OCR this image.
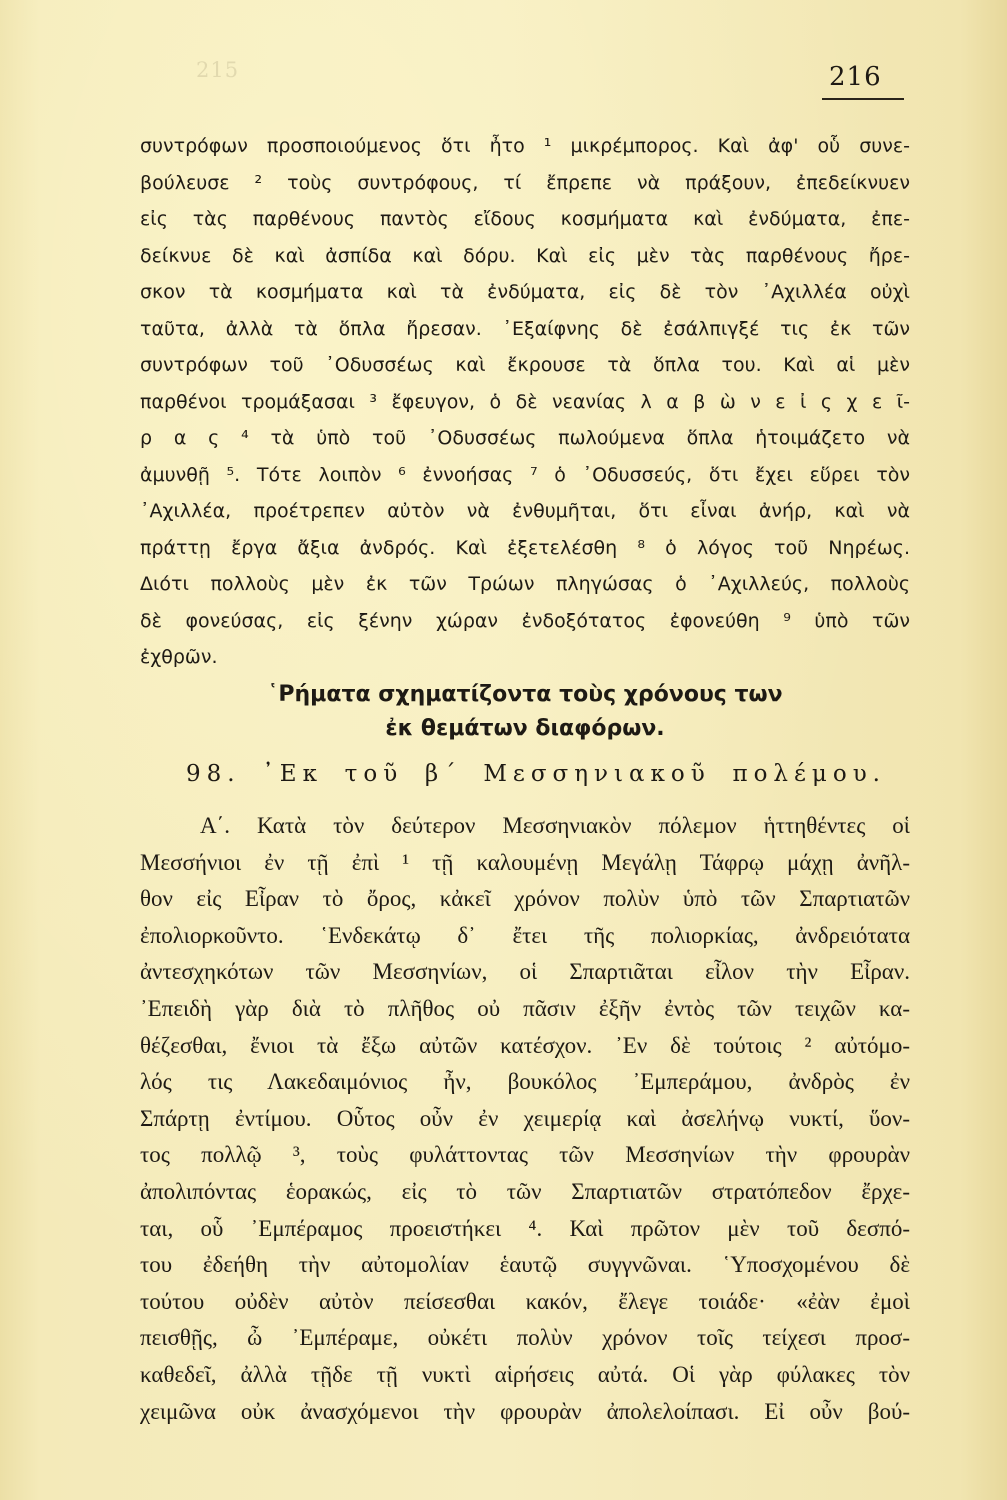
215	216
συντρόφων προσποιούμενος ὅτι ἦτο ¹ μικρέμπορος. Καὶ ἀφ' οὗ συνε-
βούλευσε ² τοὺς συντρόφους, τί ἔπρεπε νὰ πράξουν, ἐπεδείκνυεν
εἰς τὰς παρθένους παντὸς εἴδους κοσμήματα καὶ ἐνδύματα, ἐπε-
δείκνυε δὲ καὶ ἀσπίδα καὶ δόρυ. Καὶ εἰς μὲν τὰς παρθένους ἤρε-
σκον τὰ κοσμήματα καὶ τὰ ἐνδύματα, εἰς δὲ τὸν ᾿Αχιλλέα οὐχὶ
ταῦτα, ἀλλὰ τὰ ὅπλα ἤρεσαν. ᾿Εξαίφνης δὲ ἐσάλπιγξέ τις ἐκ τῶν
συντρόφων τοῦ ᾿Οδυσσέως καὶ ἔκρουσε τὰ ὅπλα του. Καὶ αἱ μὲν
παρθένοι τρομάξασαι ³ ἔφευγον, ὁ δὲ νεανίας λ α β ὼ ν ε ἰ ς χ ε ῖ-
ρ α ς ⁴ τὰ ὑπὸ τοῦ ᾿Οδυσσέως πωλούμενα ὅπλα ἡτοιμάζετο νὰ
ἀμυνθῇ ⁵. Τότε λοιπὸν ⁶ ἐννοήσας ⁷ ὁ ᾿Οδυσσεύς, ὅτι ἔχει εὕρει τὸν
᾿Αχιλλέα, προέτρεπεν αὐτὸν νὰ ἐνθυμῆται, ὅτι εἶναι ἀνήρ, καὶ νὰ
πράττῃ ἔργα ἄξια ἀνδρός. Καὶ ἐξετελέσθη ⁸ ὁ λόγος τοῦ Νηρέως.
Διότι πολλοὺς μὲν ἐκ τῶν Τρώων πληγώσας ὁ ᾿Αχιλλεύς, πολλοὺς
δὲ φονεύσας, εἰς ξένην χώραν ἐνδοξότατος ἐφονεύθη ⁹ ὑπὸ τῶν
ἐχθρῶν.
῾Ρήματα σχηματίζοντα τοὺς χρόνους των
ἐκ θεμάτων διαφόρων.
98. ᾿Εκ τοῦ β΄ Μεσσηνιακοῦ πολέμου.
Α΄. Κατὰ τὸν δεύτερον Μεσσηνιακὸν πόλεμον ἡττηθέντες οἱ
Μεσσήνιοι ἐν τῇ ἐπὶ ¹ τῇ καλουμένῃ Μεγάλῃ Τάφρῳ μάχῃ ἀνῆλ-
θον εἰς Εἶραν τὸ ὄρος, κἀκεῖ χρόνον πολὺν ὑπὸ τῶν Σπαρτιατῶν
ἐπολιορκοῦντο. ῾Ενδεκάτῳ δ᾿ ἔτει τῆς πολιορκίας, ἀνδρειότατα
ἀντεσχηκότων τῶν Μεσσηνίων, οἱ Σπαρτιᾶται εἶλον τὴν Εἶραν.
᾿Επειδὴ γὰρ διὰ τὸ πλῆθος οὐ πᾶσιν ἐξῆν ἐντὸς τῶν τειχῶν κα-
θέζεσθαι, ἔνιοι τὰ ἔξω αὐτῶν κατέσχον. ᾿Εν δὲ τούτοις ² αὐτόμο-
λός τις Λακεδαιμόνιος ἦν, βουκόλος ᾿Εμπεράμου, ἀνδρὸς ἐν
Σπάρτῃ ἐντίμου. Οὗτος οὖν ἐν χειμερίᾳ καὶ ἀσελήνῳ νυκτί, ὕον-
τος πολλῷ ³, τοὺς φυλάττοντας τῶν Μεσσηνίων τὴν φρουρὰν
ἀπολιπόντας ἑορακώς, εἰς τὸ τῶν Σπαρτιατῶν στρατόπεδον ἔρχε-
ται, οὗ ᾿Εμπέραμος προειστήκει ⁴. Καὶ πρῶτον μὲν τοῦ δεσπό-
του ἐδεήθη τὴν αὐτομολίαν ἑαυτῷ συγγνῶναι. ῾Υποσχομένου δὲ
τούτου οὐδὲν αὐτὸν πείσεσθαι κακόν, ἔλεγε τοιάδε· «ἐὰν ἐμοὶ
πεισθῇς, ὦ ᾿Εμπέραμε, οὐκέτι πολὺν χρόνον τοῖς τείχεσι προσ-
καθεδεῖ, ἀλλὰ τῇδε τῇ νυκτὶ αἱρήσεις αὐτά. Οἱ γὰρ φύλακες τὸν
χειμῶνα οὐκ ἀνασχόμενοι τὴν φρουρὰν ἀπολελοίπασι. Εἰ οὖν βού-
